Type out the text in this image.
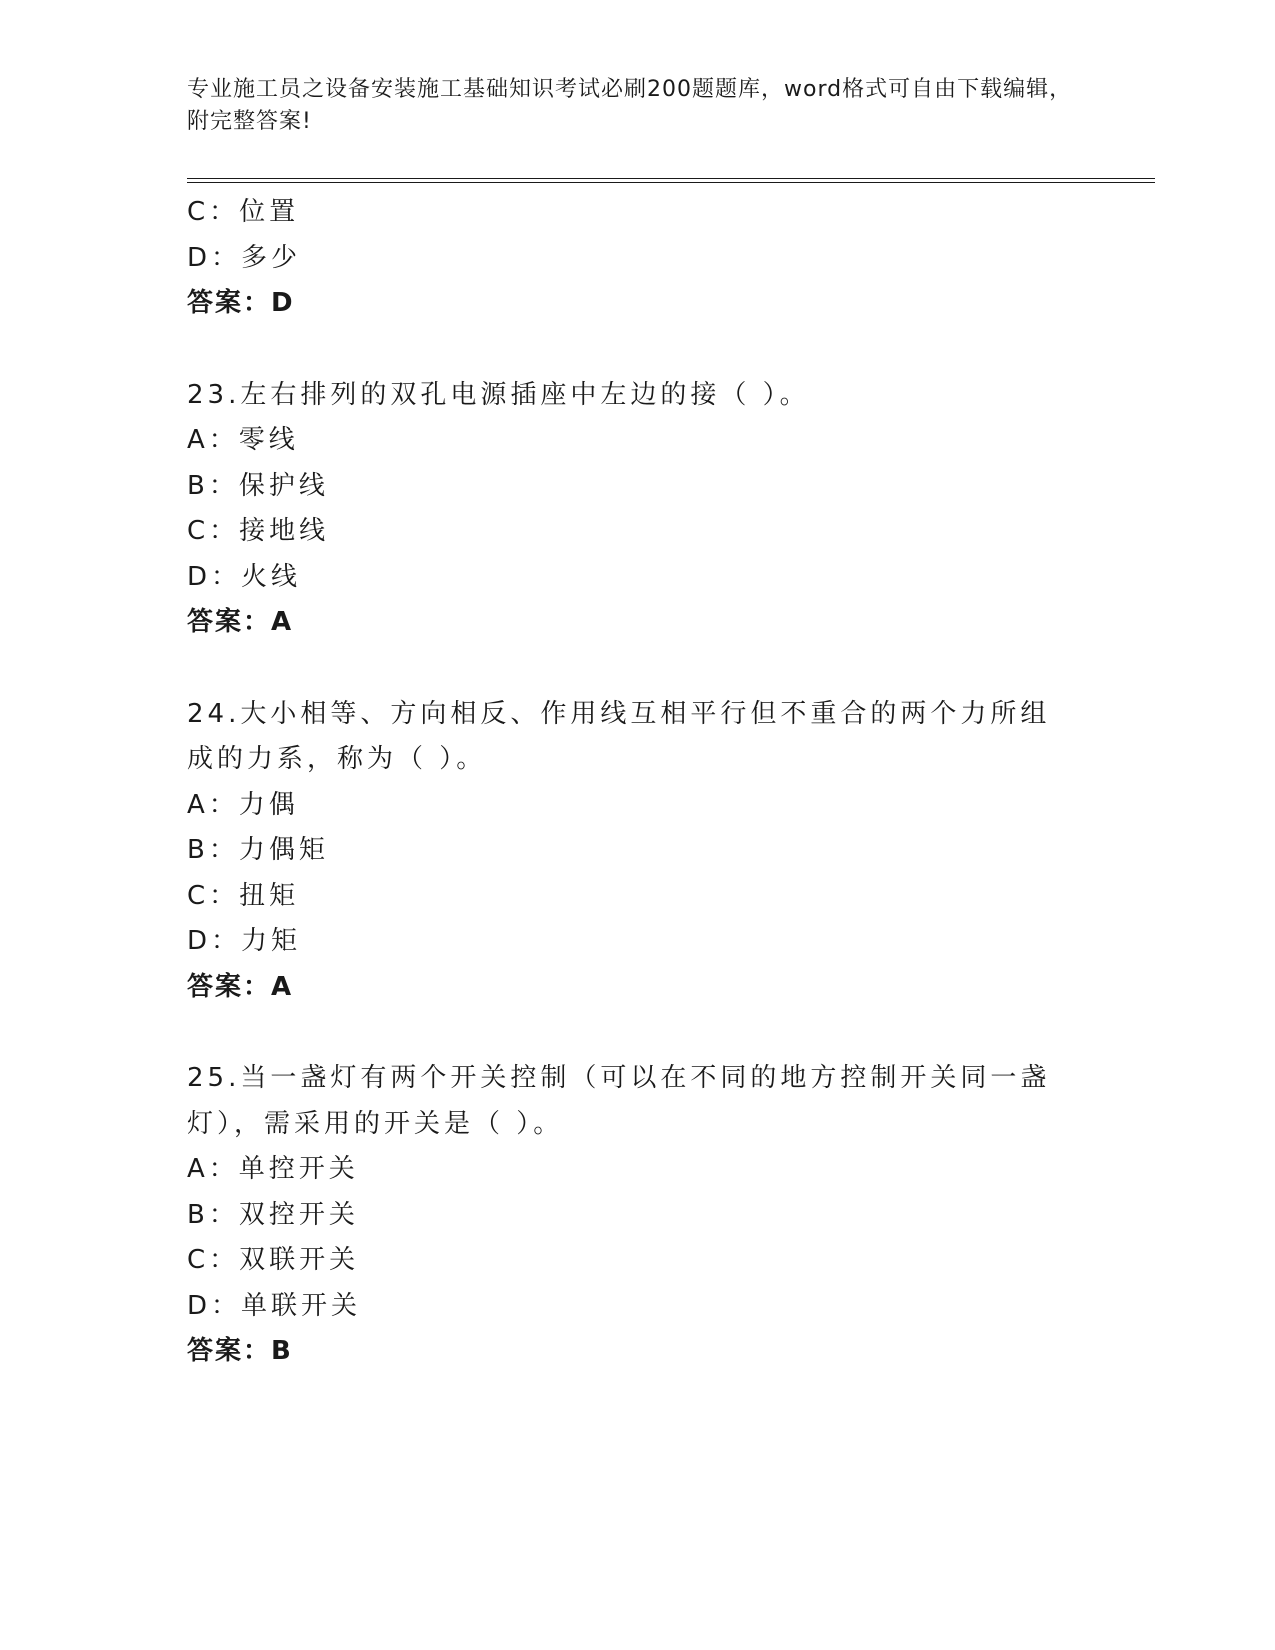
专业施工员之设备安装施工基础知识考试必刷200题题库，word格式可自由下载编辑，附完整答案!
C：位置
D：多少
答案：D
23.左右排列的双孔电源插座中左边的接（ ）。
A：零线
B：保护线
C：接地线
D：火线
答案：A
24.大小相等、方向相反、作用线互相平行但不重合的两个力所组成的力系，称为（ ）。
A：力偶
B：力偶矩
C：扭矩
D：力矩
答案：A
25.当一盏灯有两个开关控制（可以在不同的地方控制开关同一盏灯），需采用的开关是（ ）。
A：单控开关
B：双控开关
C：双联开关
D：单联开关
答案：B
